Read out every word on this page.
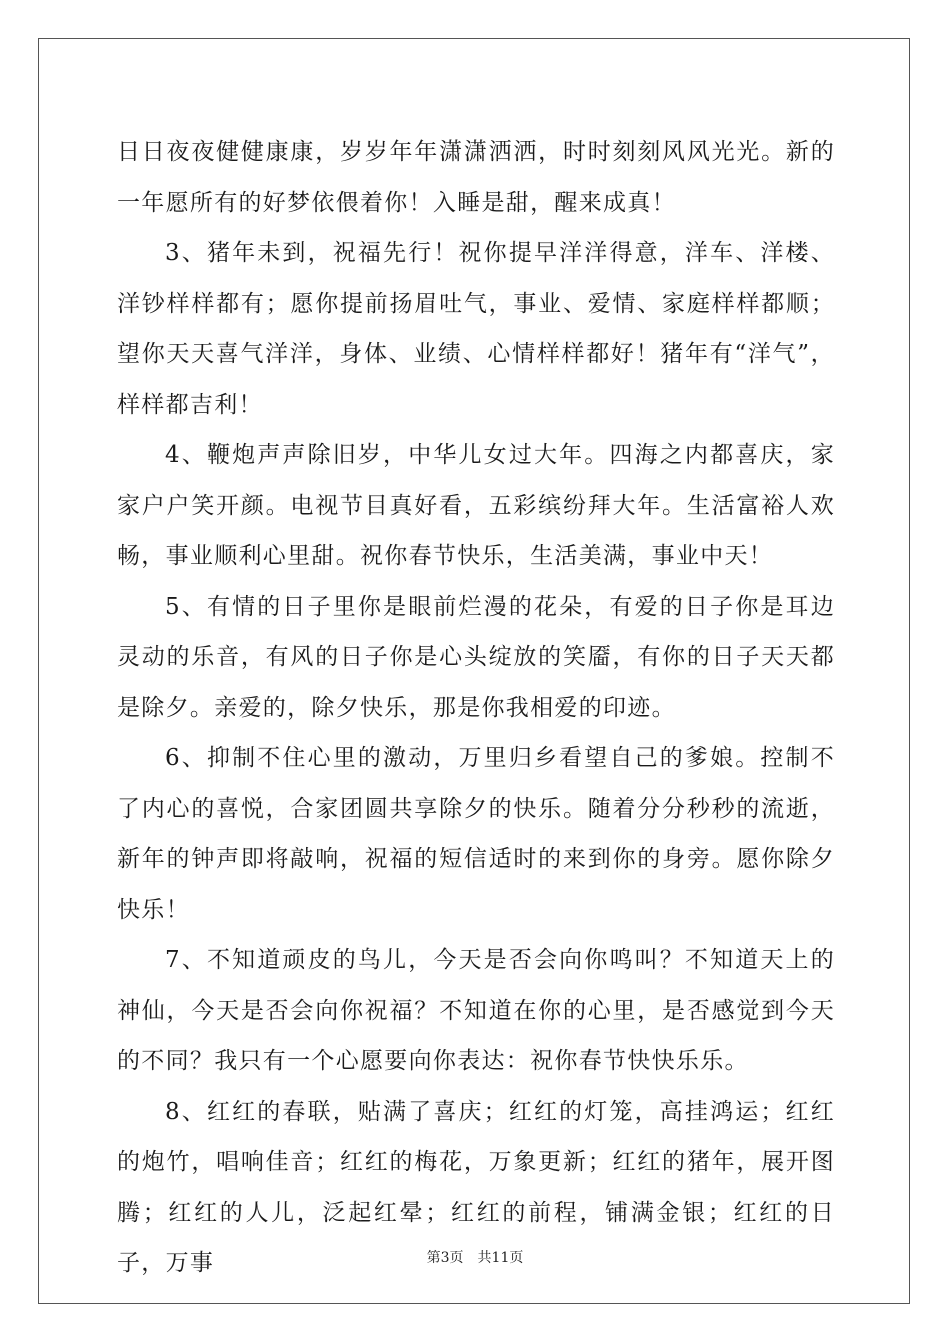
日日夜夜健健康康，岁岁年年潇潇洒洒，时时刻刻风风光光。新的一年愿所有的好梦依偎着你！入睡是甜，醒来成真！

3、猪年未到，祝福先行！祝你提早洋洋得意，洋车、洋楼、洋钞样样都有；愿你提前扬眉吐气，事业、爱情、家庭样样都顺；望你天天喜气洋洋，身体、业绩、心情样样都好！猪年有“洋气”，样样都吉利！

4、鞭炮声声除旧岁，中华儿女过大年。四海之内都喜庆，家家户户笑开颜。电视节目真好看，五彩缤纷拜大年。生活富裕人欢畅，事业顺利心里甜。祝你春节快乐，生活美满，事业中天！

5、有情的日子里你是眼前烂漫的花朵，有爱的日子你是耳边灵动的乐音，有风的日子你是心头绽放的笑靥，有你的日子天天都是除夕。亲爱的，除夕快乐，那是你我相爱的印迹。

6、抑制不住心里的激动，万里归乡看望自己的爹娘。控制不了内心的喜悦，合家团圆共享除夕的快乐。随着分分秒秒的流逝，新年的钟声即将敲响，祝福的短信适时的来到你的身旁。愿你除夕快乐！

7、不知道顽皮的鸟儿，今天是否会向你鸣叫？不知道天上的神仙，今天是否会向你祝福？不知道在你的心里，是否感觉到今天的不同？我只有一个心愿要向你表达：祝你春节快快乐乐。

8、红红的春联，贴满了喜庆；红红的灯笼，高挂鸿运；红红的炮竹，唱响佳音；红红的梅花，万象更新；红红的猪年，展开图腾；红红的人儿，泛起红晕；红红的前程，铺满金银；红红的日子，万事	第3页 共11页
